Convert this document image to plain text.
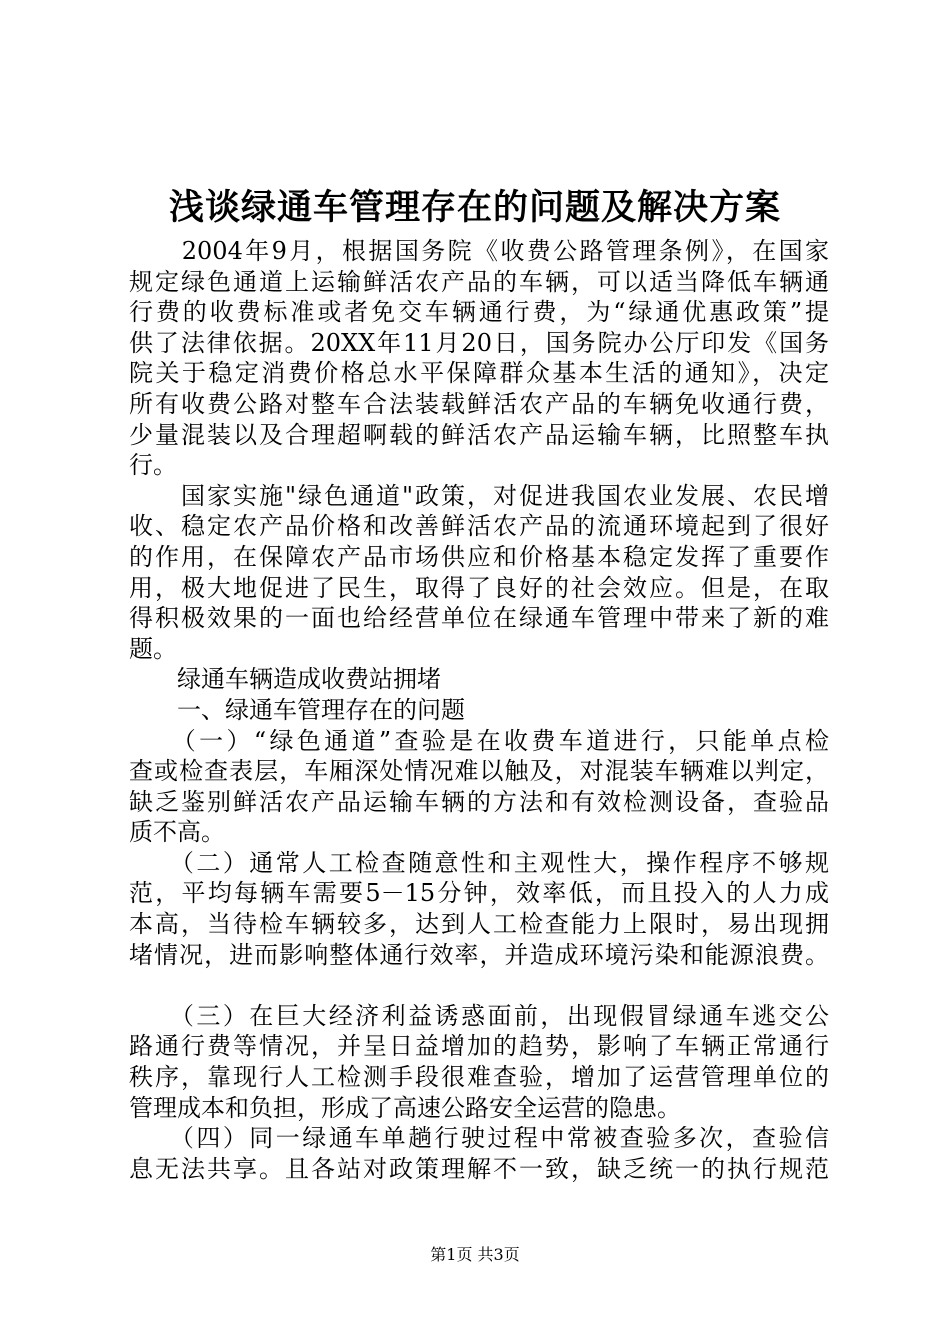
浅谈绿通车管理存在的问题及解决方案
　　2004年9月，根据国务院《收费公路管理条例》，在国家
规定绿色通道上运输鲜活农产品的车辆，可以适当降低车辆通
行费的收费标准或者免交车辆通行费，为“绿通优惠政策”提
供了法律依据。20XX年11月20日，国务院办公厅印发《国务
院关于稳定消费价格总水平保障群众基本生活的通知》，决定
所有收费公路对整车合法装载鲜活农产品的车辆免收通行费，
少量混装以及合理超啊载的鲜活农产品运输车辆，比照整车执
行。
　　国家实施"绿色通道"政策，对促进我国农业发展、农民增
收、稳定农产品价格和改善鲜活农产品的流通环境起到了很好
的作用，在保障农产品市场供应和价格基本稳定发挥了重要作
用，极大地促进了民生，取得了良好的社会效应。但是，在取
得积极效果的一面也给经营单位在绿通车管理中带来了新的难
题。
　　绿通车辆造成收费站拥堵
　　一、绿通车管理存在的问题
　　（一）“绿色通道”查验是在收费车道进行，只能单点检
查或检查表层，车厢深处情况难以触及，对混装车辆难以判定，
缺乏鉴别鲜活农产品运输车辆的方法和有效检测设备，查验品
质不高。
　　（二）通常人工检查随意性和主观性大，操作程序不够规
范，平均每辆车需要5－15分钟，效率低，而且投入的人力成
本高，当待检车辆较多，达到人工检查能力上限时，易出现拥
堵情况，进而影响整体通行效率，并造成环境污染和能源浪费。
　　（三）在巨大经济利益诱惑面前，出现假冒绿通车逃交公
路通行费等情况，并呈日益增加的趋势，影响了车辆正常通行
秩序，靠现行人工检测手段很难查验，增加了运营管理单位的
管理成本和负担，形成了高速公路安全运营的隐患。
　　（四）同一绿通车单趟行驶过程中常被查验多次，查验信
息无法共享。且各站对政策理解不一致，缺乏统一的执行规范
第1页 共3页
